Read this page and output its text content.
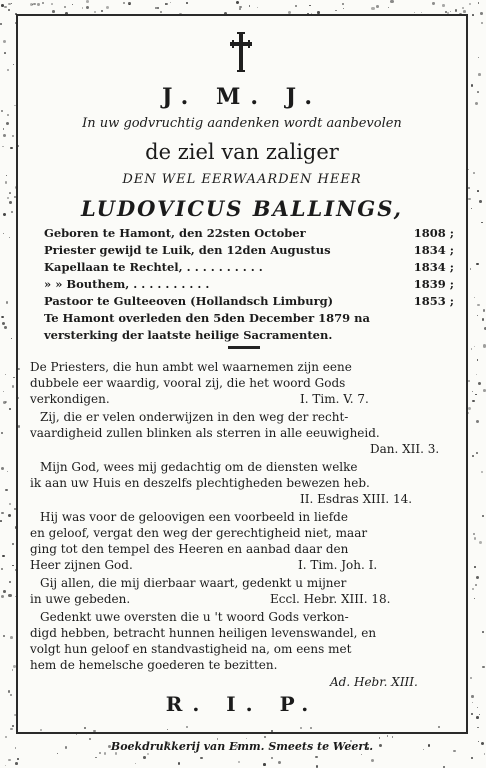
J. M. J.
In uw godvruchtig aandenken wordt aanbevolen
de ziel van zaliger
DEN WEL EERWAARDEN HEER
LUDOVICUS BALLINGS,
Geboren te Hamont, den 22sten October	1808 ;
Priester gewijd te Luik, den 12den Augustus	1834 ;
Kapellaan te Rechtel, . . . . . . . . . .	1834 ;
» » Bouthem, . . . . . . . . . .	1839 ;
Pastoor te Gulteeoven (Hollandsch Limburg)	1853 ;
Te Hamont overleden den 5den December 1879 na
versterking der laatste heilige Sacramenten.
De Priesters, die hun ambt wel waarnemen zijn eene
dubbele eer waardig, vooral zij, die het woord Gods
verkondigen.	I. Tim. V. 7.
Zij, die er velen onderwijzen in den weg der recht-
vaardigheid zullen blinken als sterren in alle eeuwigheid.
Dan. XII. 3.
Mijn God, wees mij gedachtig om de diensten welke
ik aan uw Huis en deszelfs plechtigheden bewezen heb.
II. Esdras XIII. 14.
Hij was voor de geloovigen een voorbeeld in liefde
en geloof, vergat den weg der gerechtigheid niet, maar
ging tot den tempel des Heeren en aanbad daar den
Heer zijnen God.	I. Tim. Joh. I.
Gij allen, die mij dierbaar waart, gedenkt u mijner
in uwe gebeden.	Eccl. Hebr. XIII. 18.
Gedenkt uwe oversten die u 't woord Gods verkon-
digd hebben, betracht hunnen heiligen levenswandel, en
volgt hun geloof en standvastigheid na, om eens met
hem de hemelsche goederen te bezitten.
Ad. Hebr. XIII.
R. I. P.
Boekdrukkerij van Emm. Smeets te Weert.
